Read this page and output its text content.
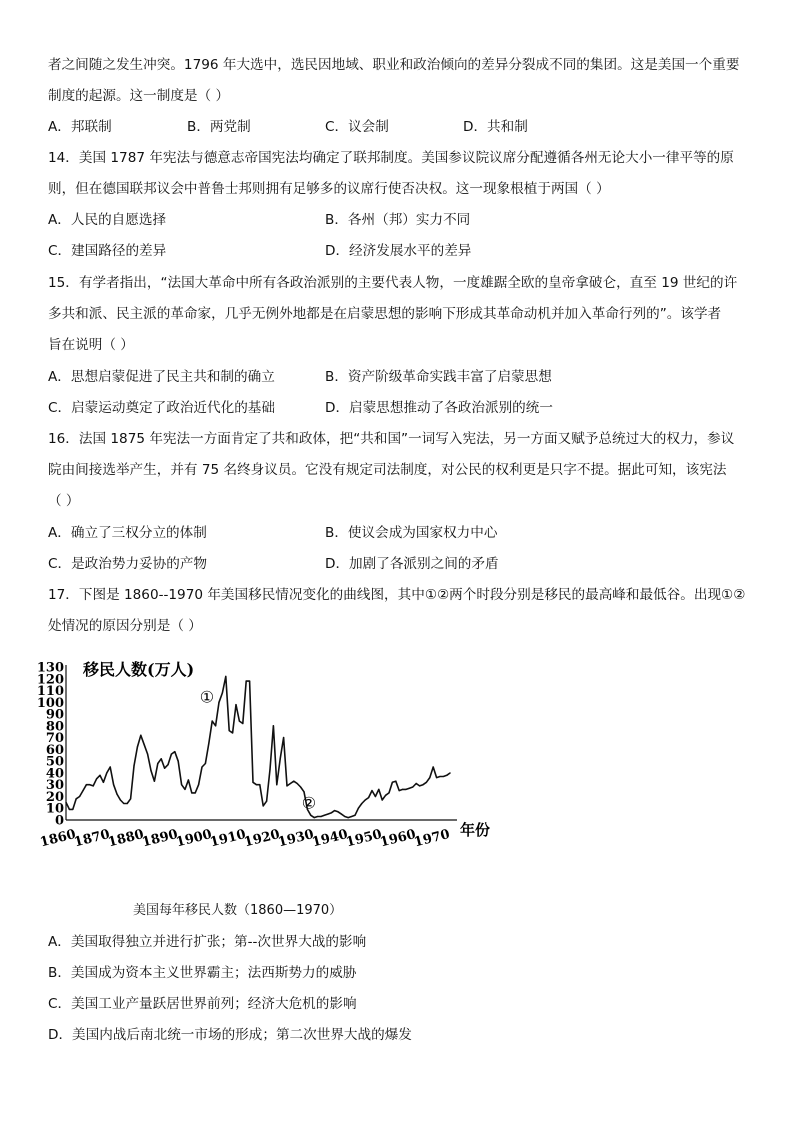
者之间随之发生冲突。1796 年大选中，选民因地域、职业和政治倾向的差异分裂成不同的集团。这是美国一个重要
制度的起源。这一制度是（ ）
A．邦联制	B．两党制	C．议会制	D．共和制
14．美国 1787 年宪法与德意志帝国宪法均确定了联邦制度。美国参议院议席分配遵循各州无论大小一律平等的原
则，但在德国联邦议会中普鲁士邦则拥有足够多的议席行使否决权。这一现象根植于两国（ ）
A．人民的自愿选择	B．各州（邦）实力不同
C．建国路径的差异	D．经济发展水平的差异
15．有学者指出，“法国大革命中所有各政治派别的主要代表人物，一度雄踞全欧的皇帝拿破仑，直至 19 世纪的许
多共和派、民主派的革命家，几乎无例外地都是在启蒙思想的影响下形成其革命动机并加入革命行列的”。该学者
旨在说明（ ）
A．思想启蒙促进了民主共和制的确立	B．资产阶级革命实践丰富了启蒙思想
C．启蒙运动奠定了政治近代化的基础	D．启蒙思想推动了各政治派别的统一
16．法国 1875 年宪法一方面肯定了共和政体，把“共和国”一词写入宪法，另一方面又赋予总统过大的权力，参议
院由间接选举产生，并有 75 名终身议员。它没有规定司法制度，对公民的权利更是只字不提。据此可知，该宪法
（ ）
A．确立了三权分立的体制	B．使议会成为国家权力中心
C．是政治势力妥协的产物	D．加剧了各派别之间的矛盾
17．下图是 1860--1970 年美国移民情况变化的曲线图，其中①②两个时段分别是移民的最高峰和最低谷。出现①②
处情况的原因分别是（ ）
0
10
20
30
40
50
60
70
80
90
100
110
120
130
1860
1870
1880
1890
1900
1910
1920
1930
1940
1950
1960
1970
①
②
移民人数(万人)
年份
美国每年移民人数（1860—1970）
A．美国取得独立并进行扩张；第--次世界大战的影响
B．美国成为资本主义世界霸主；法西斯势力的威胁
C．美国工业产量跃居世界前列；经济大危机的影响
D．美国内战后南北统一市场的形成；第二次世界大战的爆发
